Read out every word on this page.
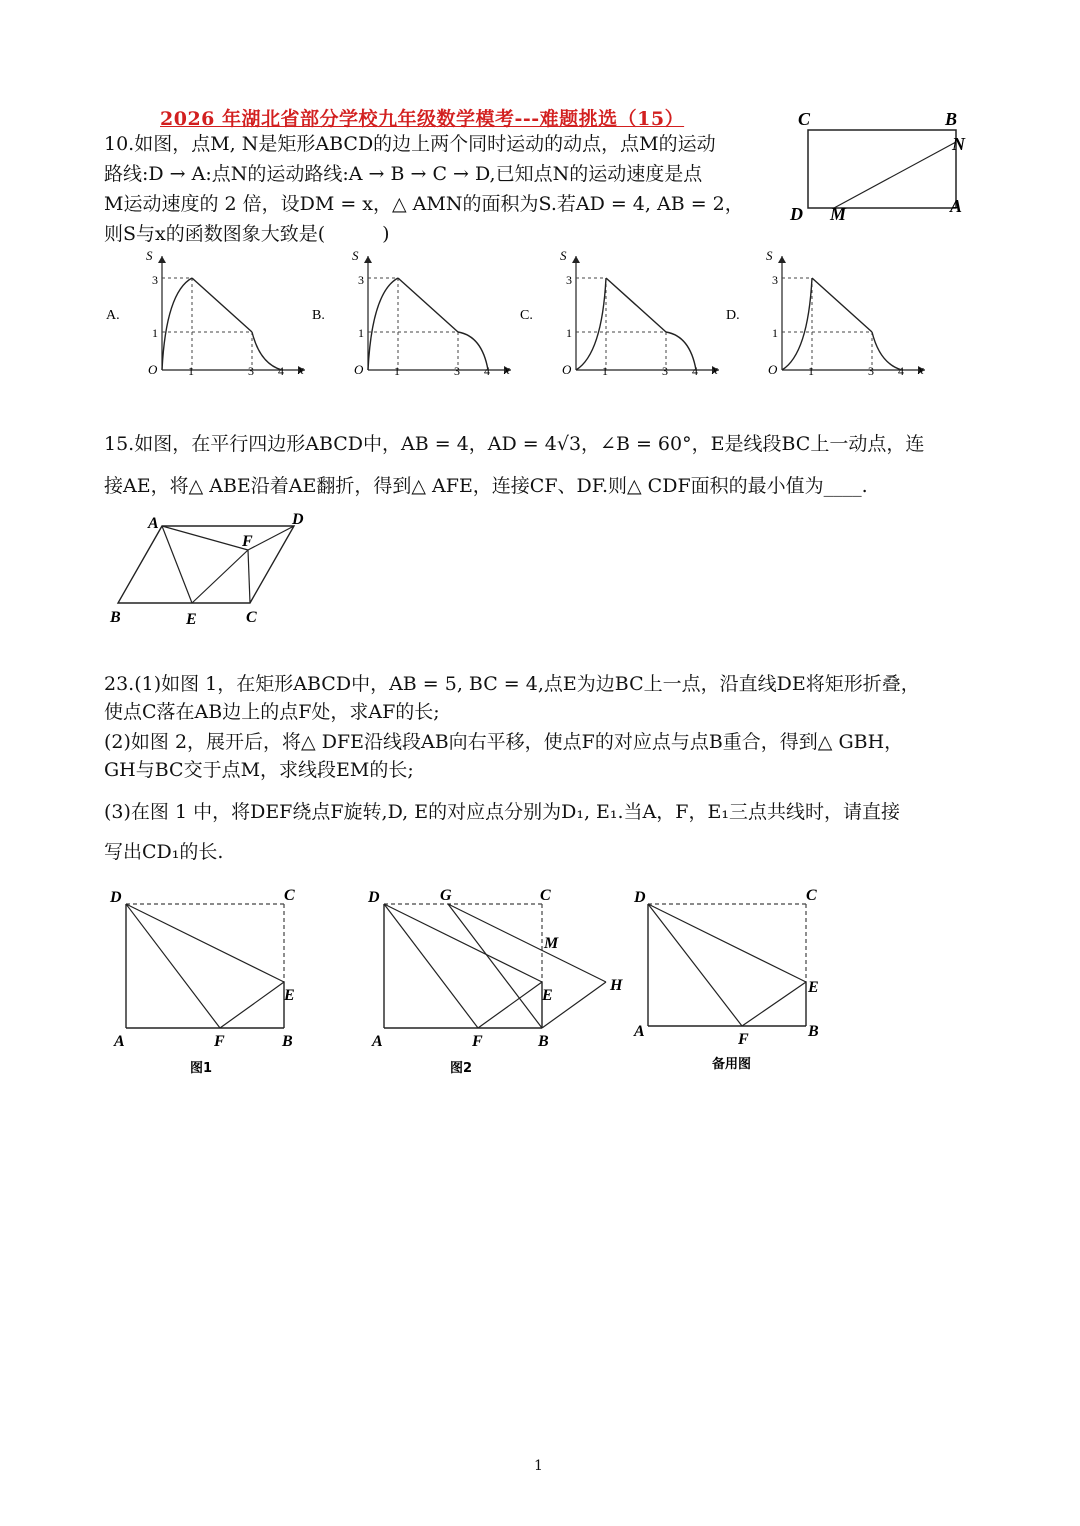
2026 年湖北省部分学校九年级数学模考---难题挑选（15）
10.如图，点M, N是矩形ABCD的边上两个同时运动的动点，点M的运动
路线:D → A:点N的运动路线:A → B → C → D,已知点N的运动速度是点
M运动速度的 2 倍，设DM = x，△ AMN的面积为S.若AD = 4, AB = 2，
则S与x的函数图象大致是(　　　)
C	B
N
D M	A
A.
S
x
O
3
1
1	3 4
B.
S
x
O
3
1
1	3 4
C.
S
x
O
3
1
1	3 4
D.
S
x
O
3
1
1	3 4
15.如图，在平行四边形ABCD中，AB = 4，AD = 4√3，∠B = 60°，E是线段BC上一动点，连
接AE，将△ ABE沿着AE翻折，得到△ AFE，连接CF、DF.则△ CDF面积的最小值为____.
A	D
F
B	E	C
23.(1)如图 1，在矩形ABCD中，AB = 5, BC = 4,点E为边BC上一点，沿直线DE将矩形折叠，
使点C落在AB边上的点F处，求AF的长;
(2)如图 2，展开后，将△ DFE沿线段AB向右平移，使点F的对应点与点B重合，得到△ GBH，
GH与BC交于点M，求线段EM的长;
(3)在图 1 中，将DEF绕点F旋转,D, E的对应点分别为D₁, E₁.当A，F，E₁三点共线时，请直接
写出CD₁的长.
D	C
E
A	F	B
图1
D	G	C
M
H
E
A	F	B
图2
D	C
E
A	F	B
备用图
1
